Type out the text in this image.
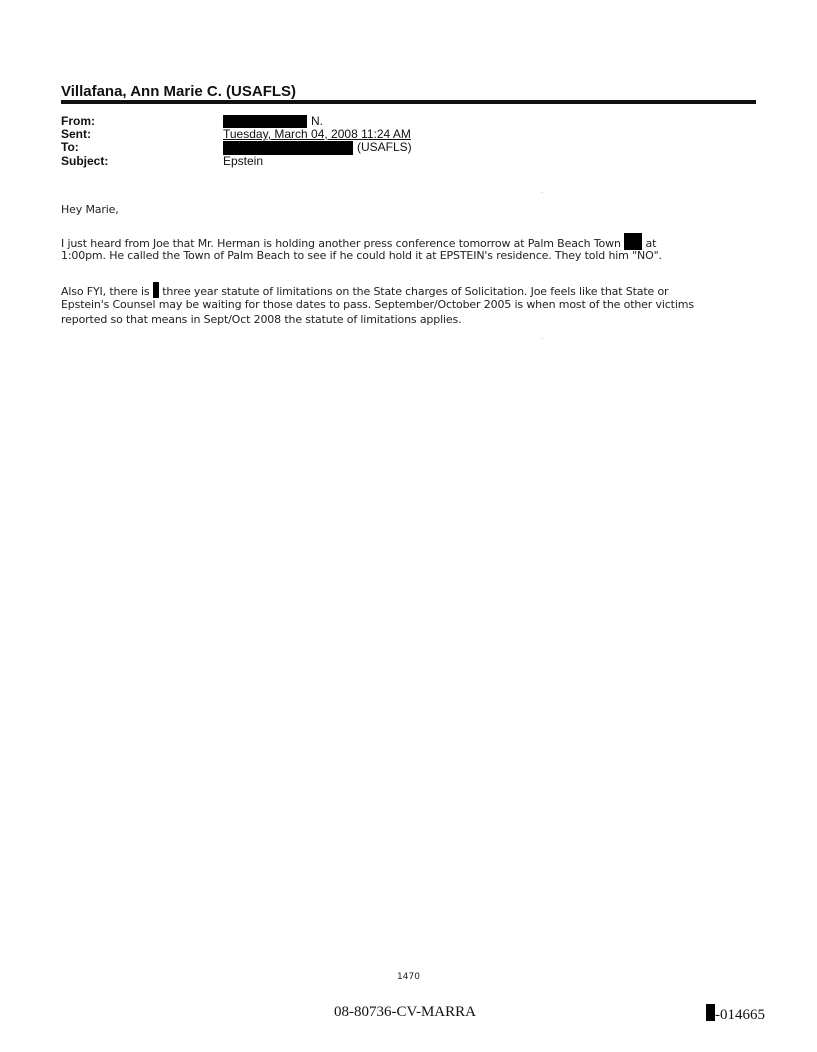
Villafana, Ann Marie C. (USAFLS)
From:	N.
Sent:	Tuesday, March 04, 2008 11:24 AM
To:	(USAFLS)
Subject:	Epstein
Hey Marie,
I just heard from Joe that Mr. Herman is holding another press conference tomorrow at Palm Beach Town at
1:00pm. He called the Town of Palm Beach to see if he could hold it at EPSTEIN's residence. They told him "NO".
Also FYI, there is three year statute of limitations on the State charges of Solicitation. Joe feels like that State or
Epstein's Counsel may be waiting for those dates to pass. September/October 2005 is when most of the other victims
reported so that means in Sept/Oct 2008 the statute of limitations applies.
.
.
1470
08-80736-CV-MARRA	-014665
